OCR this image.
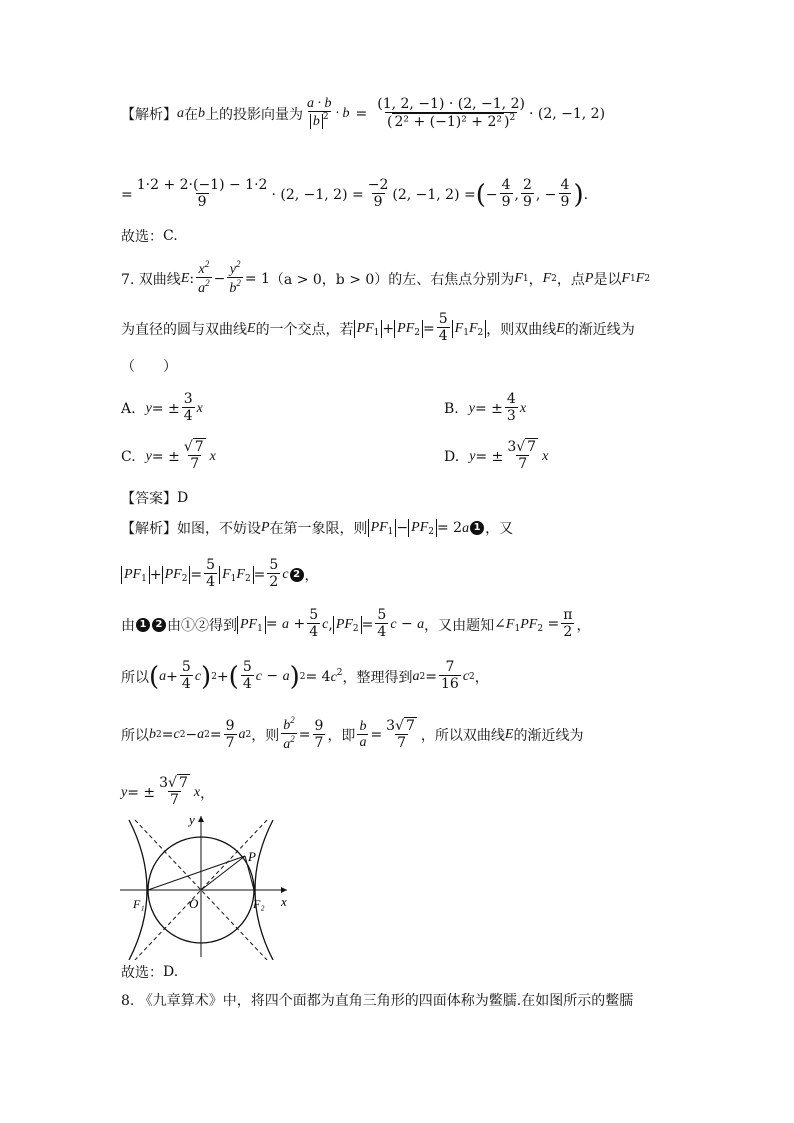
【解析】 a 在 b 上的投影向量为 $\frac{a \cdot b}{b ^2} \cdot b = \frac{(1, 2, -1) \cdot (2, -1, 2)}{( 2^2 + (-1)^2 + 2^2 )^2} \cdot (2$, −1, 2)
= $\frac{1\cdot 2 + 2\cdot(-1) - 1\cdot 2}{9} \cdot (2$, −1, $2) = \frac{-2}{9} (2$, −1, 2) = ( − $\frac{4}{9}$ , $\frac{2}{9}$ , − $\frac{4}{9}$ ) .
故选： C.
7. 双曲线 E : $\frac{x^2}{a^2} - \frac{y^2}{b^2} = 1$ （a > 0，b > 0）的左、右焦点分别为 F 1 ， F 2 ，点 P 是以 F 1 F 2
为直径的圆与双曲线 E 的一个交点，若 $PF_1 + PF_2 = \frac{5}{4} F_1F_2$ ，则双曲线 E 的渐近线为
（　　）
A. y = ± $\frac{3}{4}$ x	B. y = ± $\frac{4}{3}$ x
C. y = ± $\frac{√ 7}{7}$ x	D. y = ± $\frac{3√ 7}{7}$ x
【答案】 D
【解析】 如图，不妨设 P 在第一象限，则 $PF_1 - PF_2 = 2a$ 1 ，又
$PF_1 + PF_2 = \frac{5}{4} F_1F_2 = \frac{5}{2}$ c 2 ，
由 1 2 由①②得到 $PF_1 = a + \frac{5}{4}$ c , $PF_2 = \frac{5}{4}$ c − a ，又由题知 $\angle F_1PF_2 = \frac{\pi}{2}$ ，
所以 ( $a + \frac{5}{4}$ c ) 2 + ( $\frac{5}{4}$ c − a ) $2 = 4c^2$ ，整理得到 a $2 = \frac{7}{16}$ c 2 ，
所以 b 2 = c 2 − a $2 = \frac{9}{7}$ a 2 ，则 $\frac{b^2}{a^2} = \frac{9}{7}$ ，即 $\frac{b}{a} = \frac{3√ 7}{7}$ ，所以双曲线 E 的渐近线为
y = ± $\frac{3√ 7}{7}$ x ，
y
x
P
O
F₁	F₂
故选： D.
8. 《九章算术》中，将四个面都为直角三角形的四面体称为鳖臑.在如图所示的鳖臑
